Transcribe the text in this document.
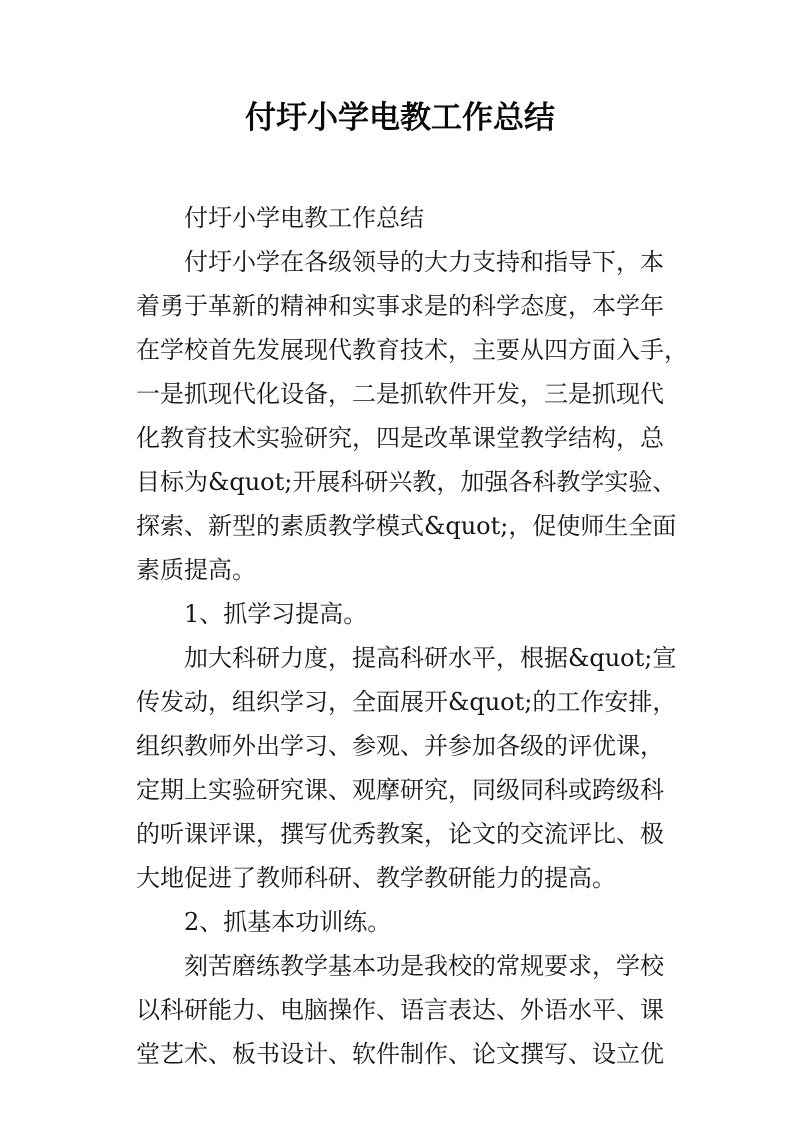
付圩小学电教工作总结
付圩小学电教工作总结
付圩小学在各级领导的大力支持和指导下，本
着勇于革新的精神和实事求是的科学态度，本学年
在学校首先发展现代教育技术，主要从四方面入手，
一是抓现代化设备，二是抓软件开发，三是抓现代
化教育技术实验研究，四是改革课堂教学结构，总
目标为&quot;开展科研兴教，加强各科教学实验、
探索、新型的素质教学模式&quot;，促使师生全面
素质提高。
1、抓学习提高。
加大科研力度，提高科研水平，根据&quot;宣
传发动，组织学习，全面展开&quot;的工作安排，
组织教师外出学习、参观、并参加各级的评优课，
定期上实验研究课、观摩研究，同级同科或跨级科
的听课评课，撰写优秀教案，论文的交流评比、极
大地促进了教师科研、教学教研能力的提高。
2、抓基本功训练。
刻苦磨练教学基本功是我校的常规要求，学校
以科研能力、电脑操作、语言表达、外语水平、课
堂艺术、板书设计、软件制作、论文撰写、设立优
